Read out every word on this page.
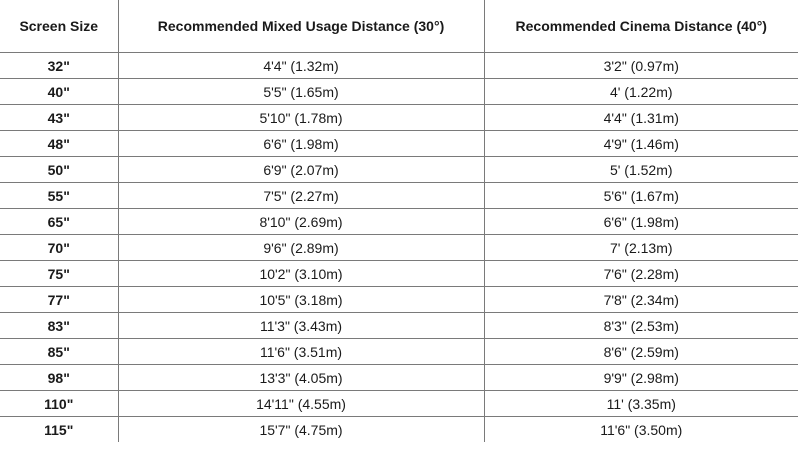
Screen Size	Recommended Mixed Usage Distance (30°)	Recommended Cinema Distance (40°)
32"	4'4" (1.32m)	3'2" (0.97m)
40"	5'5" (1.65m)	4' (1.22m)
43"	5'10" (1.78m)	4'4" (1.31m)
48"	6'6" (1.98m)	4'9" (1.46m)
50"	6'9" (2.07m)	5' (1.52m)
55"	7'5" (2.27m)	5'6" (1.67m)
65"	8'10" (2.69m)	6'6" (1.98m)
70"	9'6" (2.89m)	7' (2.13m)
75"	10'2" (3.10m)	7'6" (2.28m)
77"	10'5" (3.18m)	7'8" (2.34m)
83"	11'3" (3.43m)	8'3" (2.53m)
85"	11'6" (3.51m)	8'6" (2.59m)
98"	13'3" (4.05m)	9'9" (2.98m)
110"	14'11" (4.55m)	11' (3.35m)
115"	15'7" (4.75m)	11'6" (3.50m)
